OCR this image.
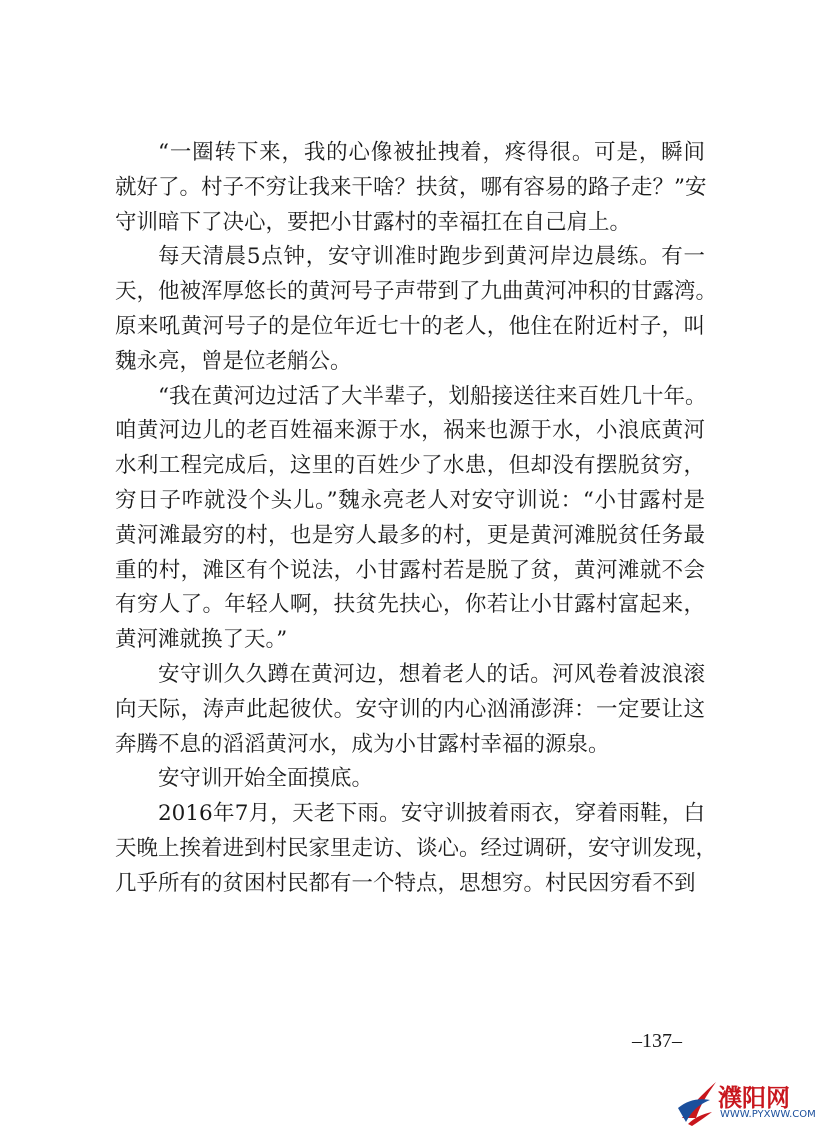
“一圈转下来，我的心像被扯拽着，疼得很。可是，瞬间
就好了。村子不穷让我来干啥？扶贫，哪有容易的路子走？”安
守训暗下了决心，要把小甘露村的幸福扛在自己肩上。
每天清晨5点钟，安守训准时跑步到黄河岸边晨练。有一
天，他被浑厚悠长的黄河号子声带到了九曲黄河冲积的甘露湾。
原来吼黄河号子的是位年近七十的老人，他住在附近村子，叫
魏永亮，曾是位老艄公。
“我在黄河边过活了大半辈子，划船接送往来百姓几十年。
咱黄河边儿的老百姓福来源于水，祸来也源于水，小浪底黄河
水利工程完成后，这里的百姓少了水患，但却没有摆脱贫穷，
穷日子咋就没个头儿。”魏永亮老人对安守训说：“小甘露村是
黄河滩最穷的村，也是穷人最多的村，更是黄河滩脱贫任务最
重的村，滩区有个说法，小甘露村若是脱了贫，黄河滩就不会
有穷人了。年轻人啊，扶贫先扶心，你若让小甘露村富起来，
黄河滩就换了天。”
安守训久久蹲在黄河边，想着老人的话。河风卷着波浪滚
向天际，涛声此起彼伏。安守训的内心汹涌澎湃：一定要让这
奔腾不息的滔滔黄河水，成为小甘露村幸福的源泉。
安守训开始全面摸底。
2016年7月，天老下雨。安守训披着雨衣，穿着雨鞋，白
天晚上挨着进到村民家里走访、谈心。经过调研，安守训发现，
几乎所有的贫困村民都有一个特点，思想穷。村民因穷看不到
–137–
濮阳网
WWW.PYXWW.COM
